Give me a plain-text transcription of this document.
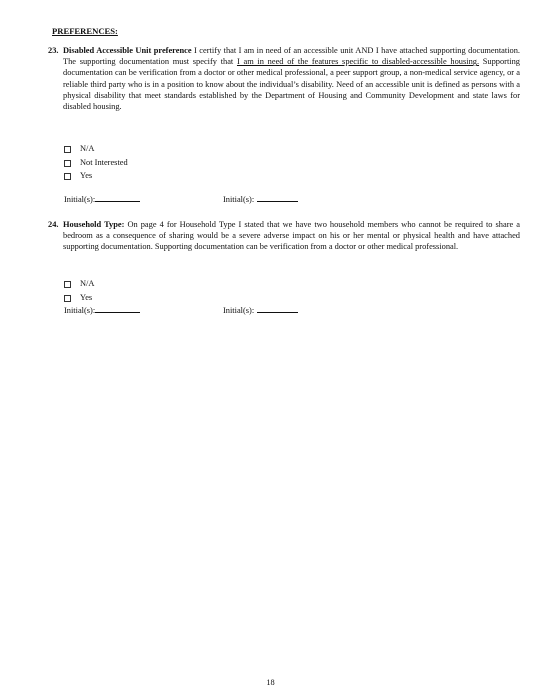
PREFERENCES:
23. Disabled Accessible Unit preference I certify that I am in need of an accessible unit AND I have attached supporting documentation. The supporting documentation must specify that I am in need of the features specific to disabled-accessible housing. Supporting documentation can be verification from a doctor or other medical professional, a peer support group, a non-medical service agency, or a reliable third party who is in a position to know about the individual’s disability. Need of an accessible unit is defined as persons with a physical disability that meet standards established by the Department of Housing and Community Development and state laws for disabled housing.
N/A
Not Interested
Yes
Initial(s):	Initial(s):
24. Household Type: On page 4 for Household Type I stated that we have two household members who cannot be required to share a bedroom as a consequence of sharing would be a severe adverse impact on his or her mental or physical health and have attached supporting documentation. Supporting documentation can be verification from a doctor or other medical professional.
N/A
Yes
Initial(s):	Initial(s):
18
